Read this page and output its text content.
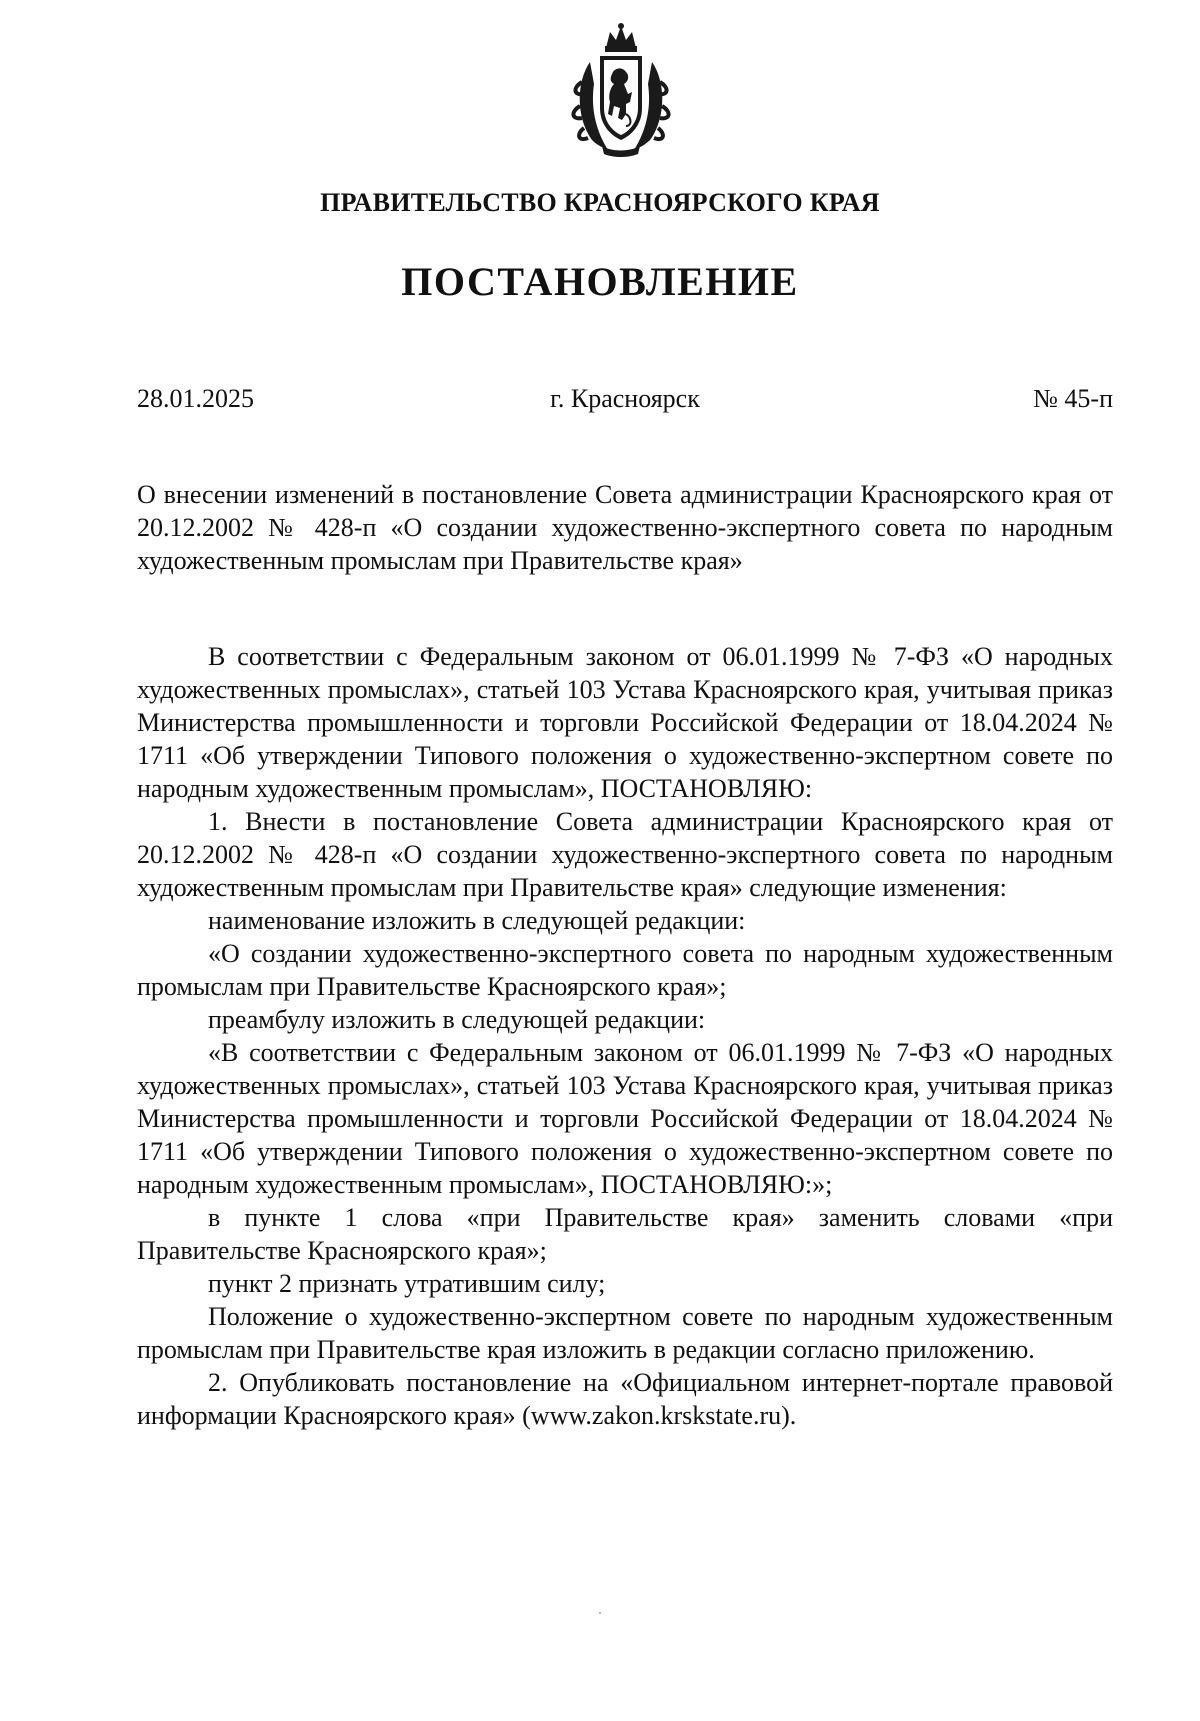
ПРАВИТЕЛЬСТВО КРАСНОЯРСКОГО КРАЯ
ПОСТАНОВЛЕНИЕ
28.01.2025	г. Красноярск	№ 45-п
О внесении изменений в постановление Совета администрации Красноярского края от 20.12.2002 № 428-п «О создании художественно-экспертного совета по народным художественным промыслам при Правительстве края»

В соответствии с Федеральным законом от 06.01.1999 № 7-ФЗ «О народных художественных промыслах», статьей 103 Устава Красноярского края, учитывая приказ Министерства промышленности и торговли Российской Федерации от 18.04.2024 № 1711 «Об утверждении Типового положения о художественно-экспертном совете по народным художественным промыслам», ПОСТАНОВЛЯЮ:

1. Внести в постановление Совета администрации Красноярского края от 20.12.2002 № 428-п «О создании художественно-экспертного совета по народным художественным промыслам при Правительстве края» следующие изменения:

наименование изложить в следующей редакции:

«О создании художественно-экспертного совета по народным художественным промыслам при Правительстве Красноярского края»;

преамбулу изложить в следующей редакции:

«В соответствии с Федеральным законом от 06.01.1999 № 7-ФЗ «О народных художественных промыслах», статьей 103 Устава Красноярского края, учитывая приказ Министерства промышленности и торговли Российской Федерации от 18.04.2024 № 1711 «Об утверждении Типового положения о художественно-экспертном совете по народным художественным промыслам», ПОСТАНОВЛЯЮ:»;

в пункте 1 слова «при Правительстве края» заменить словами «при Правительстве Красноярского края»;

пункт 2 признать утратившим силу;

Положение о художественно-экспертном совете по народным художественным промыслам при Правительстве края изложить в редакции согласно приложению.

2. Опубликовать постановление на «Официальном интернет-портале правовой информации Красноярского края» (www.zakon.krskstate.ru).
